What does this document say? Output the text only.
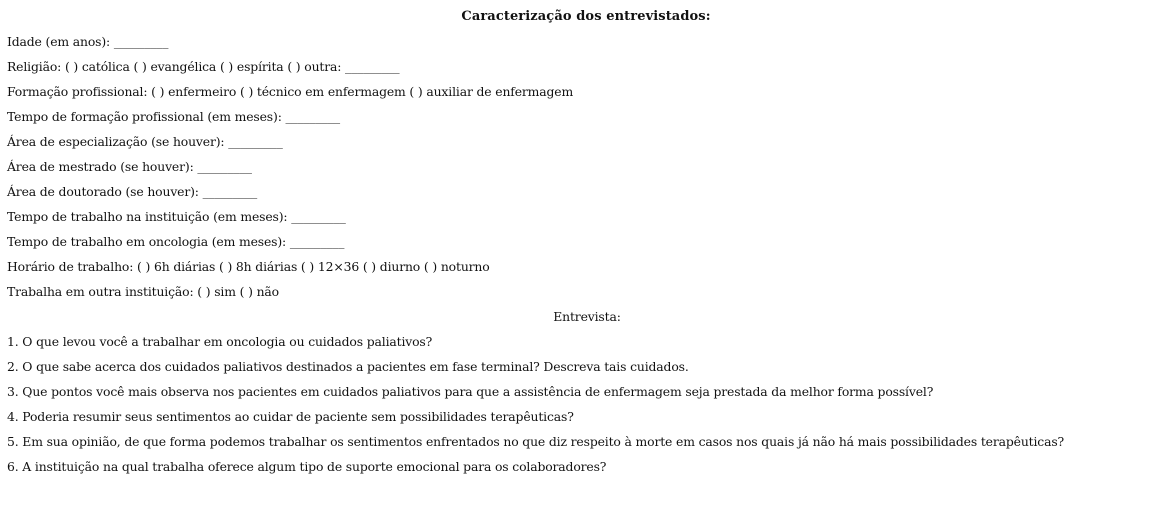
Caracterização dos entrevistados:
Idade (em anos): _________
Religião: ( ) católica ( ) evangélica ( ) espírita ( ) outra: _________
Formação profissional: ( ) enfermeiro ( ) técnico em enfermagem ( ) auxiliar de enfermagem
Tempo de formação profissional (em meses): _________
Área de especialização (se houver): _________
Área de mestrado (se houver): _________
Área de doutorado (se houver): _________
Tempo de trabalho na instituição (em meses): _________
Tempo de trabalho em oncologia (em meses): _________
Horário de trabalho: ( ) 6h diárias ( ) 8h diárias ( ) 12×36 ( ) diurno ( ) noturno
Trabalha em outra instituição: ( ) sim ( ) não
Entrevista:
1. O que levou você a trabalhar em oncologia ou cuidados paliativos?
2. O que sabe acerca dos cuidados paliativos destinados a pacientes em fase terminal? Descreva tais cuidados.
3. Que pontos você mais observa nos pacientes em cuidados paliativos para que a assistência de enfermagem seja prestada da melhor forma possível?
4. Poderia resumir seus sentimentos ao cuidar de paciente sem possibilidades terapêuticas?
5. Em sua opinião, de que forma podemos trabalhar os sentimentos enfrentados no que diz respeito à morte em casos nos quais já não há mais possibilidades terapêuticas?
6. A instituição na qual trabalha oferece algum tipo de suporte emocional para os colaboradores?
